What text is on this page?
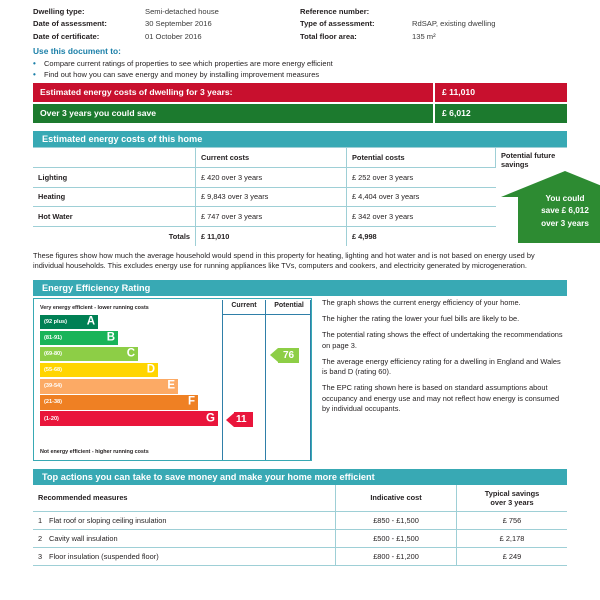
Dwelling type:	Semi-detached house	Reference number:
Date of assessment:	30 September 2016	Type of assessment:	RdSAP, existing dwelling
Date of certificate:	01 October 2016	Total floor area:	135 m²
Use this document to:
•	Compare current ratings of properties to see which properties are more energy efficient
•	Find out how you can save energy and money by installing improvement measures
Estimated energy costs of dwelling for 3 years:	£ 11,010
Over 3 years you could save	£ 6,012
Estimated energy costs of this home
	Current costs	Potential costs	Potential future savings
You could
save £ 6,012
over 3 years

Lighting	£ 420 over 3 years	£ 252 over 3 years	
Heating	£ 9,843 over 3 years	£ 4,404 over 3 years	
Hot Water	£ 747 over 3 years	£ 342 over 3 years	
Totals	£ 11,010	£ 4,998	
These figures show how much the average household would spend in this property for heating, lighting and hot water and is not based on energy used by individual households. This excludes energy use for running appliances like TVs, computers and cookers, and electricity generated by microgeneration.
Energy Efficiency Rating
Very energy efficient - lower running costs
Not energy efficient - higher running costs
Current	Potential
(92 plus) A
(81-91)	B
(69-80)	C
(55-68)	D
(39-54)	E
(21-38)	F
(1-20)	G 11
76

The graph shows the current energy efficiency of your home.

The higher the rating the lower your fuel bills are likely to be.

The potential rating shows the effect of undertaking the recommendations on page 3.

The average energy efficiency rating for a dwelling in England and Wales is band D (rating 60).

The EPC rating shown here is based on standard assumptions about occupancy and energy use and may not reflect how energy is consumed by individual occupants.

Top actions you can take to save money and make your home more efficient
Recommended measures	Indicative cost	Typical savings
over 3 years

1 Flat roof or sloping ceiling insulation	£850 - £1,500	£ 756
2 Cavity wall insulation	£500 - £1,500	£ 2,178
3 Floor insulation (suspended floor)	£800 - £1,200	£ 249
